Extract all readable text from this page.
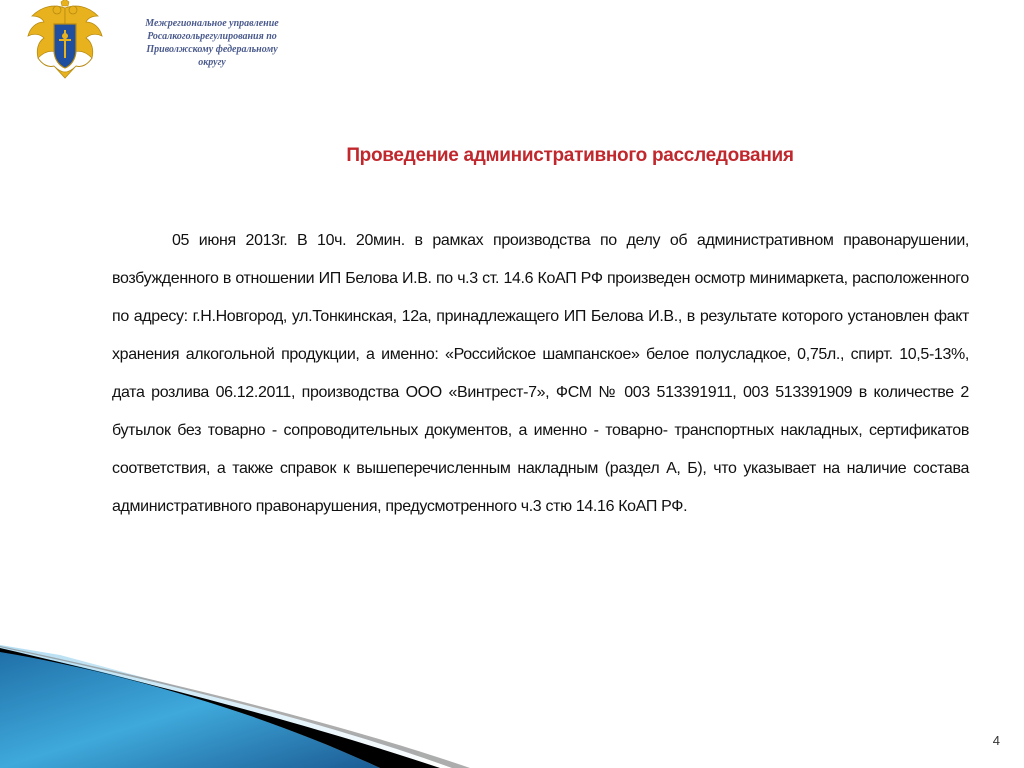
Межрегиональное управление
Росалкогольрегулирования по
Приволжскому федеральному
округу
Проведение административного расследования

05 июня 2013г. В 10ч. 20мин. в рамках производства по делу об административном правонарушении, возбужденного в отношении ИП Белова И.В. по ч.3 ст. 14.6 КоАП РФ произведен осмотр минимаркета, расположенного по адресу: г.Н.Новгород, ул.Тонкинская, 12а, принадлежащего ИП Белова И.В., в результате которого установлен факт хранения алкогольной продукции, а именно: «Российское шампанское» белое полусладкое, 0,75л., спирт. 10,5-13%, дата розлива 06.12.2011, производства ООО «Винтрест-7», ФСМ № 003 513391911, 003 513391909 в количестве 2 бутылок без товарно - сопроводительных документов, а именно - товарно- транспортных накладных, сертификатов соответствия, а также справок к вышеперечисленным накладным (раздел А, Б), что указывает на наличие состава административного правонарушения, предусмотренного ч.3 стю 14.16 КоАП РФ.

4
